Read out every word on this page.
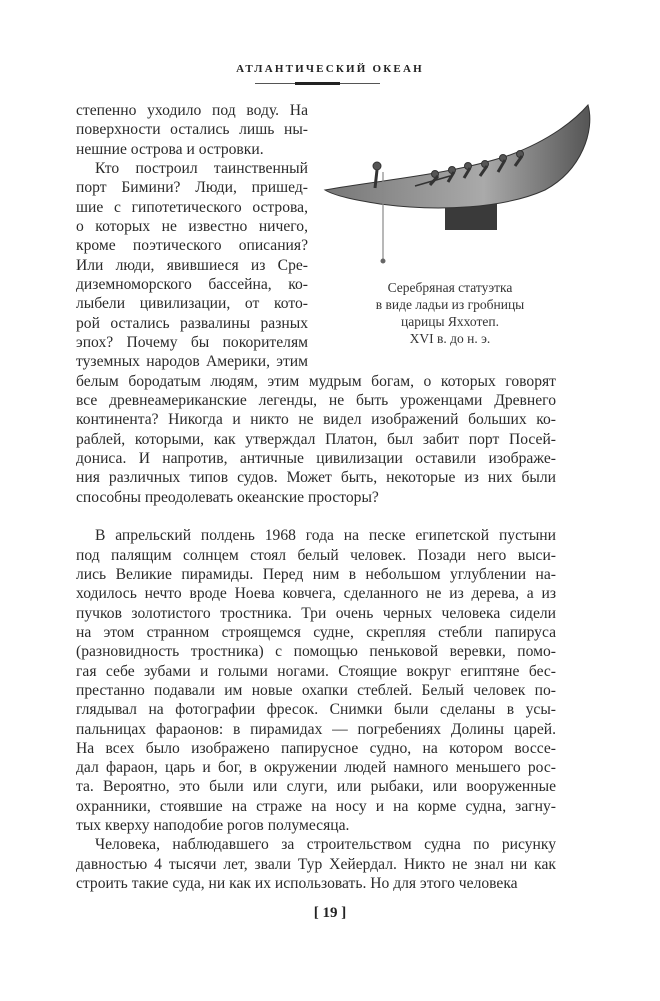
АТЛАНТИЧЕСКИЙ ОКЕАН
Серебряная статуэтка
в виде ладьи из гробницы
царицы Яххотеп.
XVI в. до н. э.
степенно уходило под воду. На
поверхности остались лишь ны-
нешние острова и островки.
Кто построил таинственный
порт Бимини? Люди, пришед-
шие с гипотетического острова,
о которых не известно ничего,
кроме поэтического описания?
Или люди, явившиеся из Сре-
диземноморского бассейна, ко-
лыбели цивилизации, от кото-
рой остались развалины разных
эпох? Почему бы покорителям
туземных народов Америки, этим
белым бородатым людям, этим мудрым богам, о которых говорят
все древнеамериканские легенды, не быть уроженцами Древнего
континента? Никогда и никто не видел изображений больших ко-
раблей, которыми, как утверждал Платон, был забит порт Посей-
дониса. И напротив, античные цивилизации оставили изображе-
ния различных типов судов. Может быть, некоторые из них были
способны преодолевать океанские просторы?
В апрельский полдень 1968 года на песке египетской пустыни
под палящим солнцем стоял белый человек. Позади него выси-
лись Великие пирамиды. Перед ним в небольшом углублении на-
ходилось нечто вроде Ноева ковчега, сделанного не из дерева, а из
пучков золотистого тростника. Три очень черных человека сидели
на этом странном строящемся судне, скрепляя стебли папируса
(разновидность тростника) с помощью пеньковой веревки, помо-
гая себе зубами и голыми ногами. Стоящие вокруг египтяне бес-
престанно подавали им новые охапки стеблей. Белый человек по-
глядывал на фотографии фресок. Снимки были сделаны в усы-
пальницах фараонов: в пирамидах — погребениях Долины царей.
На всех было изображено папирусное судно, на котором воссе-
дал фараон, царь и бог, в окружении людей намного меньшего рос-
та. Вероятно, это были или слуги, или рыбаки, или вооруженные
охранники, стоявшие на страже на носу и на корме судна, загну-
тых кверху наподобие рогов полумесяца.
Человека, наблюдавшего за строительством судна по рисунку
давностью 4 тысячи лет, звали Тур Хейердал. Никто не знал ни как
строить такие суда, ни как их использовать. Но для этого человека
[ 19 ]
